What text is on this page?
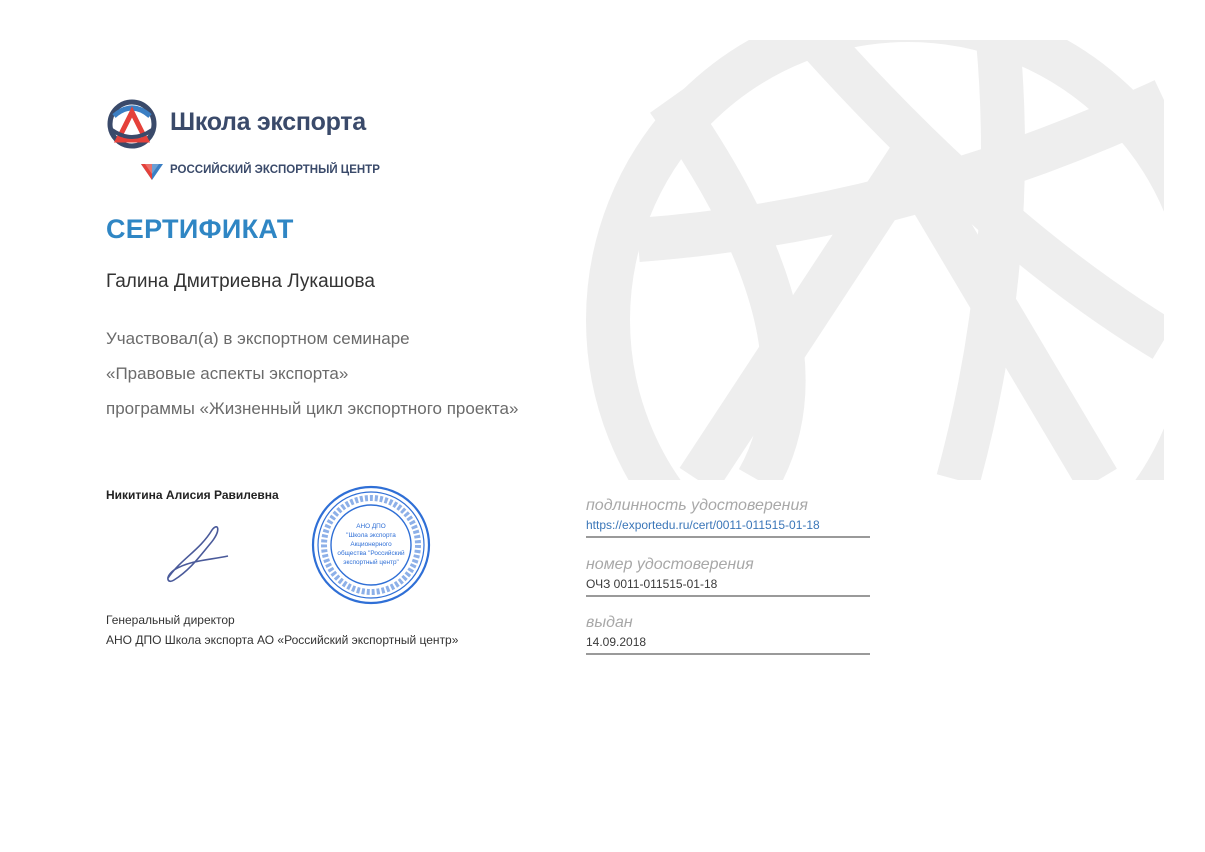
Школа экспорта
РОССИЙСКИЙ ЭКСПОРТНЫЙ ЦЕНТР
СЕРТИФИКАТ
Галина Дмитриевна Лукашова
Участвовал(а) в экспортном семинаре
«Правовые аспекты экспорта»
программы «Жизненный цикл экспортного проекта»
Никитина Алисия Равилевна
АНО ДПО
"Школа экспорта
Акционерного
общества "Российский
экспортный центр"
Генеральный директор
АНО ДПО Школа экспорта АО «Российский экспортный центр»
подлинность удостоверения
https://exportedu.ru/cert/0011-011515-01-18
номер удостоверения
ОЧЗ 0011-011515-01-18
выдан
14.09.2018
